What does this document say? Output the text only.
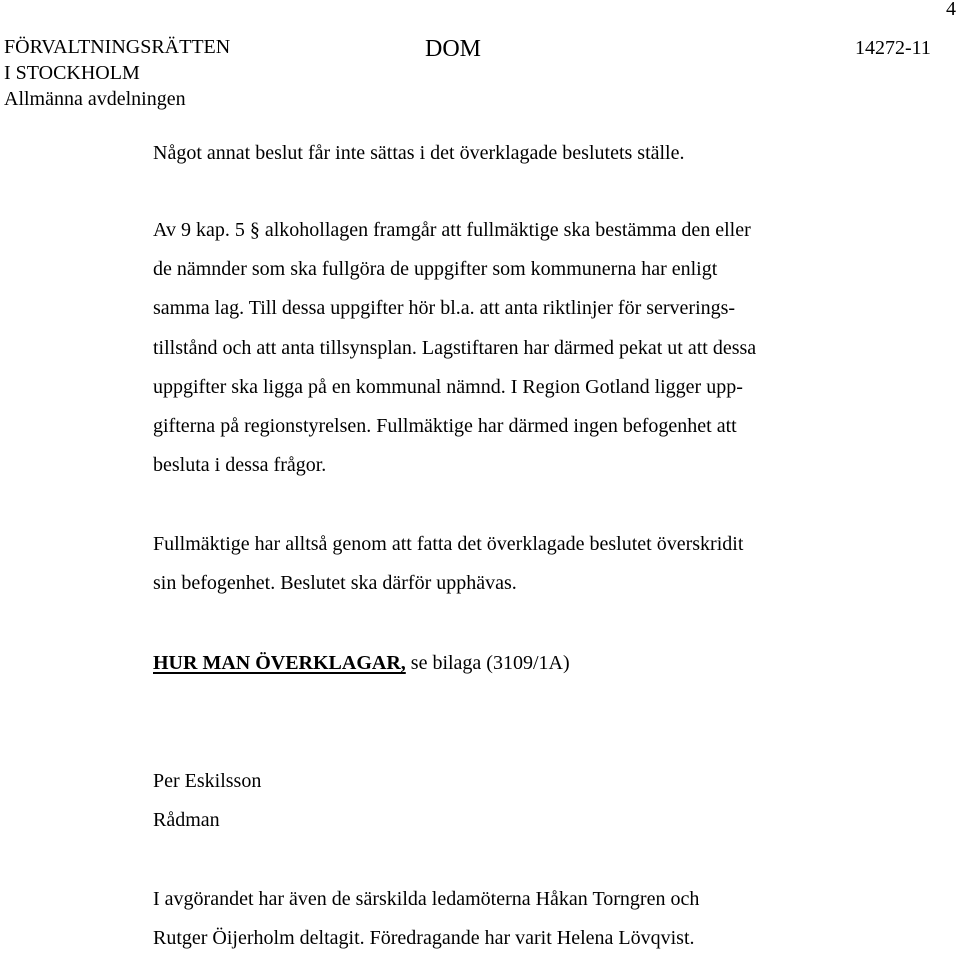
4
FÖRVALTNINGSRÄTTEN
I STOCKHOLM
Allmänna avdelningen
DOM	14272-11
Något annat beslut får inte sättas i det överklagade beslutets ställe.
Av 9 kap. 5 § alkohollagen framgår att fullmäktige ska bestämma den eller
de nämnder som ska fullgöra de uppgifter som kommunerna har enligt
samma lag. Till dessa uppgifter hör bl.a. att anta riktlinjer för serverings-
tillstånd och att anta tillsynsplan. Lagstiftaren har därmed pekat ut att dessa
uppgifter ska ligga på en kommunal nämnd. I Region Gotland ligger upp-
gifterna på regionstyrelsen. Fullmäktige har därmed ingen befogenhet att
besluta i dessa frågor.
Fullmäktige har alltså genom att fatta det överklagade beslutet överskridit
sin befogenhet. Beslutet ska därför upphävas.
HUR MAN ÖVERKLAGAR, se bilaga (3109/1A)
Per Eskilsson
Rådman
I avgörandet har även de särskilda ledamöterna Håkan Torngren och
Rutger Öijerholm deltagit. Föredragande har varit Helena Lövqvist.
